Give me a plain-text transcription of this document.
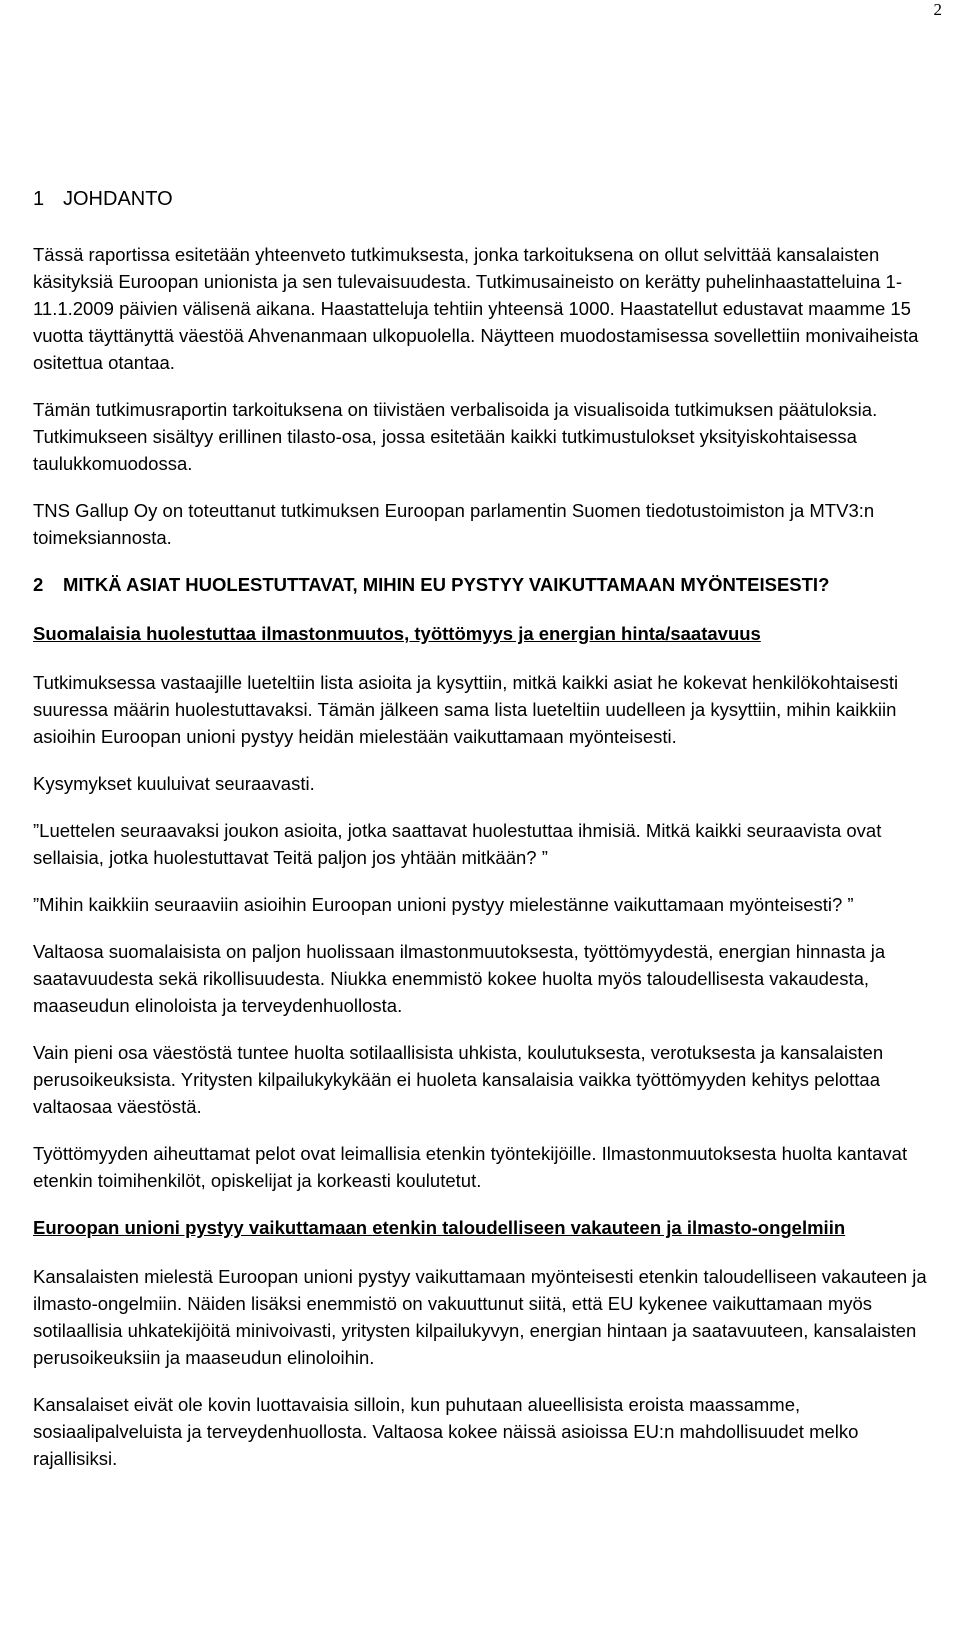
2
1 JOHDANTO

Tässä raportissa esitetään yhteenveto tutkimuksesta, jonka tarkoituksena on ollut selvittää kansalaisten käsityksiä Euroopan unionista ja sen tulevaisuudesta. Tutkimusaineisto on kerätty puhelinhaastatteluina 1-11.1.2009 päivien välisenä aikana. Haastatteluja tehtiin yhteensä 1000. Haastatellut edustavat maamme 15 vuotta täyttänyttä väestöä Ahvenanmaan ulkopuolella. Näytteen muodostamisessa sovellettiin monivaiheista ositettua otantaa.

Tämän tutkimusraportin tarkoituksena on tiivistäen verbalisoida ja visualisoida tutkimuksen päätuloksia. Tutkimukseen sisältyy erillinen tilasto-osa, jossa esitetään kaikki tutkimustulokset yksityiskohtaisessa taulukkomuodossa.

TNS Gallup Oy on toteuttanut tutkimuksen Euroopan parlamentin Suomen tiedotustoimiston ja MTV3:n toimeksiannosta.

2	MITKÄ ASIAT HUOLESTUTTAVAT, MIHIN EU PYSTYY VAIKUTTAMAAN MYÖNTEISESTI?
Suomalaisia huolestuttaa ilmastonmuutos, työttömyys ja energian hinta/saatavuus

Tutkimuksessa vastaajille lueteltiin lista asioita ja kysyttiin, mitkä kaikki asiat he kokevat henkilökohtaisesti suuressa määrin huolestuttavaksi. Tämän jälkeen sama lista lueteltiin uudelleen ja kysyttiin, mihin kaikkiin asioihin Euroopan unioni pystyy heidän mielestään vaikuttamaan myönteisesti.

Kysymykset kuuluivat seuraavasti.

”Luettelen seuraavaksi joukon asioita, jotka saattavat huolestuttaa ihmisiä. Mitkä kaikki seuraavista ovat sellaisia, jotka huolestuttavat Teitä paljon jos yhtään mitkään? ”

”Mihin kaikkiin seuraaviin asioihin Euroopan unioni pystyy mielestänne vaikuttamaan myönteisesti? ”

Valtaosa suomalaisista on paljon huolissaan ilmastonmuutoksesta, työttömyydestä, energian hinnasta ja saatavuudesta sekä rikollisuudesta. Niukka enemmistö kokee huolta myös taloudellisesta vakaudesta, maaseudun elinoloista ja terveydenhuollosta.

Vain pieni osa väestöstä tuntee huolta sotilaallisista uhkista, koulutuksesta, verotuksesta ja kansalaisten perusoikeuksista. Yritysten kilpailukykykään ei huoleta kansalaisia vaikka työttömyyden kehitys pelottaa valtaosaa väestöstä.

Työttömyyden aiheuttamat pelot ovat leimallisia etenkin työntekijöille. Ilmastonmuutoksesta huolta kantavat etenkin toimihenkilöt, opiskelijat ja korkeasti koulutetut.

Euroopan unioni pystyy vaikuttamaan etenkin taloudelliseen vakauteen ja ilmasto-ongelmiin

Kansalaisten mielestä Euroopan unioni pystyy vaikuttamaan myönteisesti etenkin taloudelliseen vakauteen ja ilmasto-ongelmiin. Näiden lisäksi enemmistö on vakuuttunut siitä, että EU kykenee vaikuttamaan myös sotilaallisia uhkatekijöitä minivoivasti, yritysten kilpailukyvyn, energian hintaan ja saatavuuteen, kansalaisten perusoikeuksiin ja maaseudun elinoloihin.

Kansalaiset eivät ole kovin luottavaisia silloin, kun puhutaan alueellisista eroista maassamme, sosiaalipalveluista ja terveydenhuollosta. Valtaosa kokee näissä asioissa EU:n mahdollisuudet melko rajallisiksi.
